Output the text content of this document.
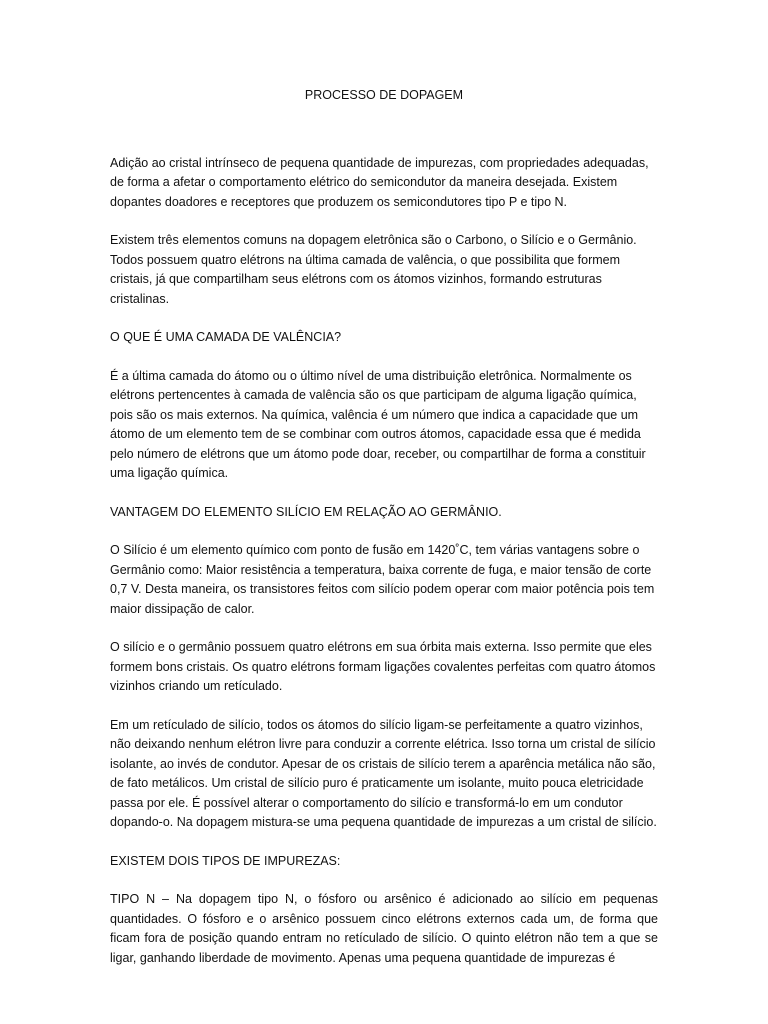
PROCESSO DE DOPAGEM

Adição ao cristal intrínseco de pequena quantidade de impurezas, com propriedades adequadas, de forma a afetar o comportamento elétrico do semicondutor da maneira desejada. Existem dopantes doadores e receptores que produzem os semicondutores tipo P e tipo N.

Existem três elementos comuns na dopagem eletrônica são o Carbono, o Silício e o Germânio. Todos possuem quatro elétrons na última camada de valência, o que possibilita que formem cristais, já que compartilham seus elétrons com os átomos vizinhos, formando estruturas cristalinas.

O QUE É UMA CAMADA DE VALÊNCIA?

É a última camada do átomo ou o último nível de uma distribuição eletrônica. Normalmente os elétrons pertencentes à camada de valência são os que participam de alguma ligação química, pois são os mais externos. Na química, valência é um número que indica a capacidade que um átomo de um elemento tem de se combinar com outros átomos, capacidade essa que é medida pelo número de elétrons que um átomo pode doar, receber, ou compartilhar de forma a constituir uma ligação química.

VANTAGEM DO ELEMENTO SILÍCIO EM RELAÇÃO AO GERMÂNIO.

O Silício é um elemento químico com ponto de fusão em 1420˚C, tem várias vantagens sobre o Germânio como: Maior resistência a temperatura, baixa corrente de fuga, e maior tensão de corte 0,7 V. Desta maneira, os transistores feitos com silício podem operar com maior potência pois tem maior dissipação de calor.

O silício e o germânio possuem quatro elétrons em sua órbita mais externa. Isso permite que eles formem bons cristais. Os quatro elétrons formam ligações covalentes perfeitas com quatro átomos vizinhos criando um retículado.

Em um retículado de silício, todos os átomos do silício ligam-se perfeitamente a quatro vizinhos, não deixando nenhum elétron livre para conduzir a corrente elétrica. Isso torna um cristal de silício isolante, ao invés de condutor. Apesar de os cristais de silício terem a aparência metálica não são, de fato metálicos. Um cristal de silício puro é praticamente um isolante, muito pouca eletricidade passa por ele. É possível alterar o comportamento do silício e transformá-lo em um condutor dopando-o. Na dopagem mistura-se uma pequena quantidade de impurezas a um cristal de silício.

EXISTEM DOIS TIPOS DE IMPUREZAS:

TIPO N – Na dopagem tipo N, o fósforo ou arsênico é adicionado ao silício em pequenas quantidades. O fósforo e o arsênico possuem cinco elétrons externos cada um, de forma que ficam fora de posição quando entram no retículado de silício. O quinto elétron não tem a que se ligar, ganhando liberdade de movimento. Apenas uma pequena quantidade de impurezas é
